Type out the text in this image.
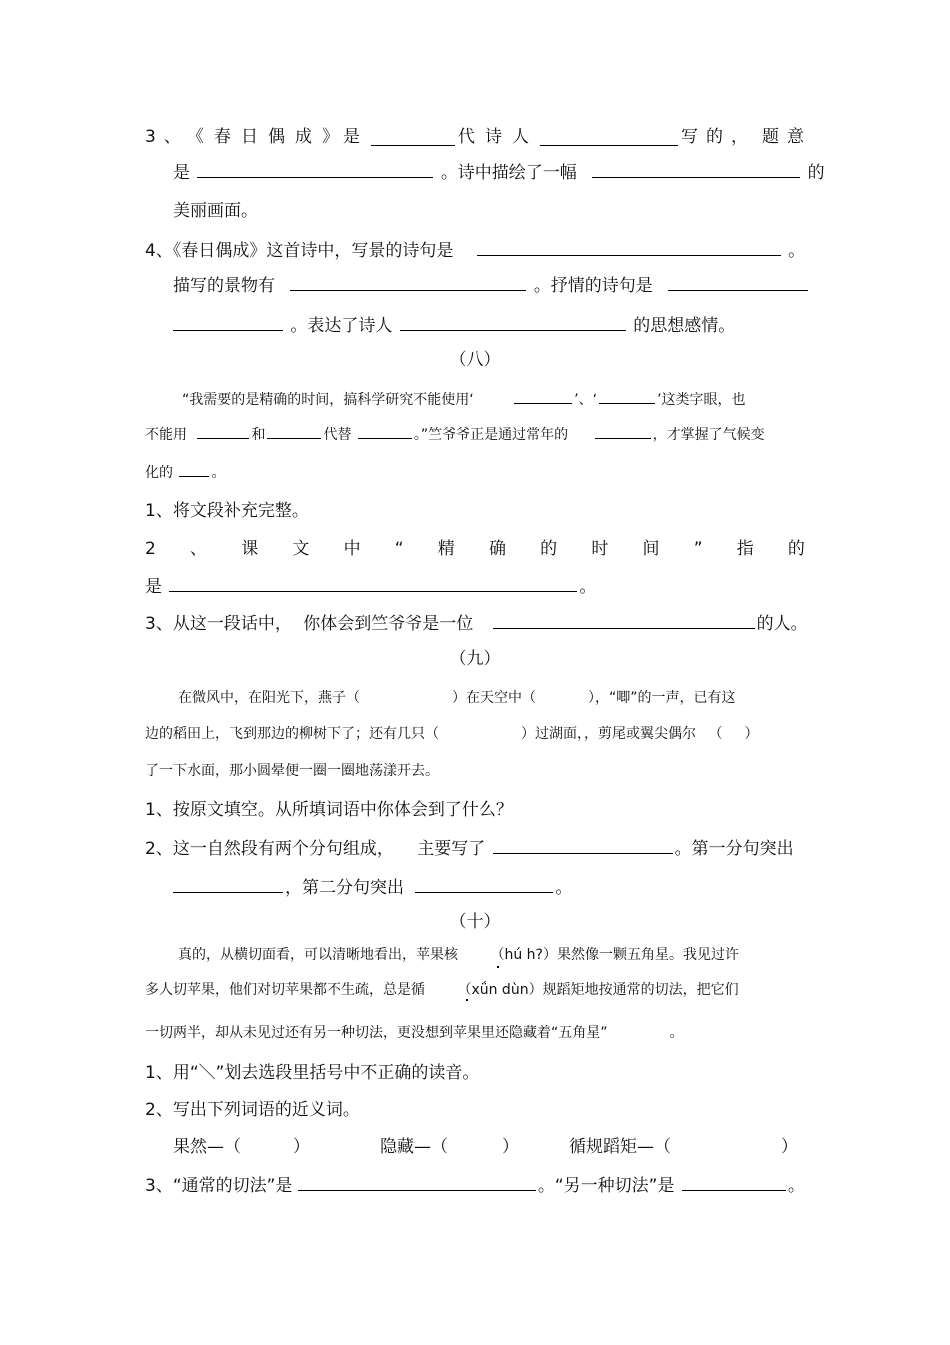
3 、 《 春 日 偶 成 》 是	代 诗 人	写 的 ， 题 意
是	。诗中描绘了一幅	的
美丽画面。
4、《春日偶成》这首诗中，写景的诗句是	。
描写的景物有	。抒情的诗句是
。表达了诗人	的思想感情。
（八）
“我需要的是精确的时间，搞科学研究不能使用‘	’、‘	’这类字眼，也
不能用	和	代替	。”竺爷爷正是通过常年的	，才掌握了气候变
化的	。
1、将文段补充完整。
2 、 课 文 中 “ 精 确 的 时 间 ” 指 的
是	。
3、从这一段话中， 你体会到竺爷爷是一位	的人。
（九）
在微风中，在阳光下，燕子（	）在天空中（	），“唧”的一声，已有这
边的稻田上，飞到那边的柳树下了；还有几只（	）过湖面，，剪尾或翼尖偶尔 （ ）
了一下水面，那小圆晕便一圈一圈地荡漾开去。
1、按原文填空。从所填词语中你体会到了什么？
2、这一自然段有两个分句组成， 主要写了	。第一分句突出
，第二分句突出	。
（十）
真的，从横切面看，可以清晰地看出，苹果核 （hú h?）果然像一颗五角星。我见过许
多人切苹果，他们对切苹果都不生疏，总是循 （xǘn dùn）规蹈矩地按通常的切法，把它们
一切两半，却从未见过还有另一种切法，更没想到苹果里还隐藏着“五角星”	。
1、用“＼”划去选段里括号中不正确的读音。
2、写出下列词语的近义词。
果然—（	）	隐藏—（	）	循规蹈矩—（	）
3、“通常的切法”是	。“另一种切法”是	。
